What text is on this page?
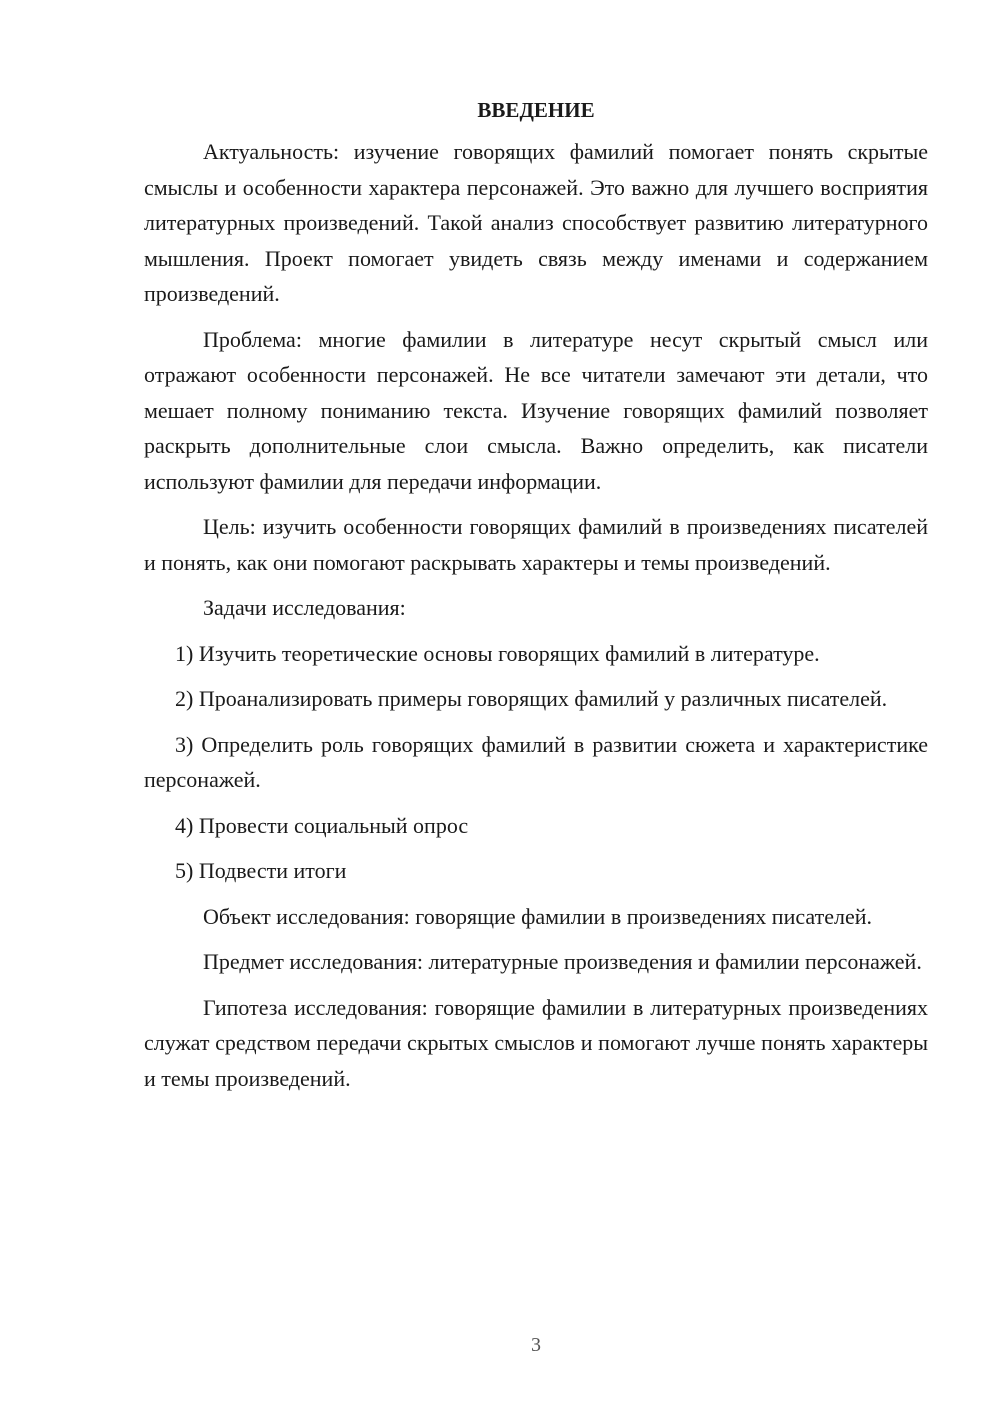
ВВЕДЕНИЕ

Актуальность: изучение говорящих фамилий помогает понять скрытые смыслы и особенности характера персонажей. Это важно для лучшего восприятия литературных произведений. Такой анализ способствует развитию литературного мышления. Проект помогает увидеть связь между именами и содержанием произведений.

Проблема: многие фамилии в литературе несут скрытый смысл или отражают особенности персонажей. Не все читатели замечают эти детали, что мешает полному пониманию текста. Изучение говорящих фамилий позволяет раскрыть дополнительные слои смысла. Важно определить, как писатели используют фамилии для передачи информации.

Цель: изучить особенности говорящих фамилий в произведениях писателей и понять, как они помогают раскрывать характеры и темы произведений.

Задачи исследования:

1) Изучить теоретические основы говорящих фамилий в литературе.

2) Проанализировать примеры говорящих фамилий у различных писателей.

3) Определить роль говорящих фамилий в развитии сюжета и характеристике персонажей.

4) Провести социальный опрос

5) Подвести итоги

Объект исследования: говорящие фамилии в произведениях писателей.

Предмет исследования: литературные произведения и фамилии персонажей.

Гипотеза исследования: говорящие фамилии в литературных произведениях служат средством передачи скрытых смыслов и помогают лучше понять характеры и темы произведений.

3
